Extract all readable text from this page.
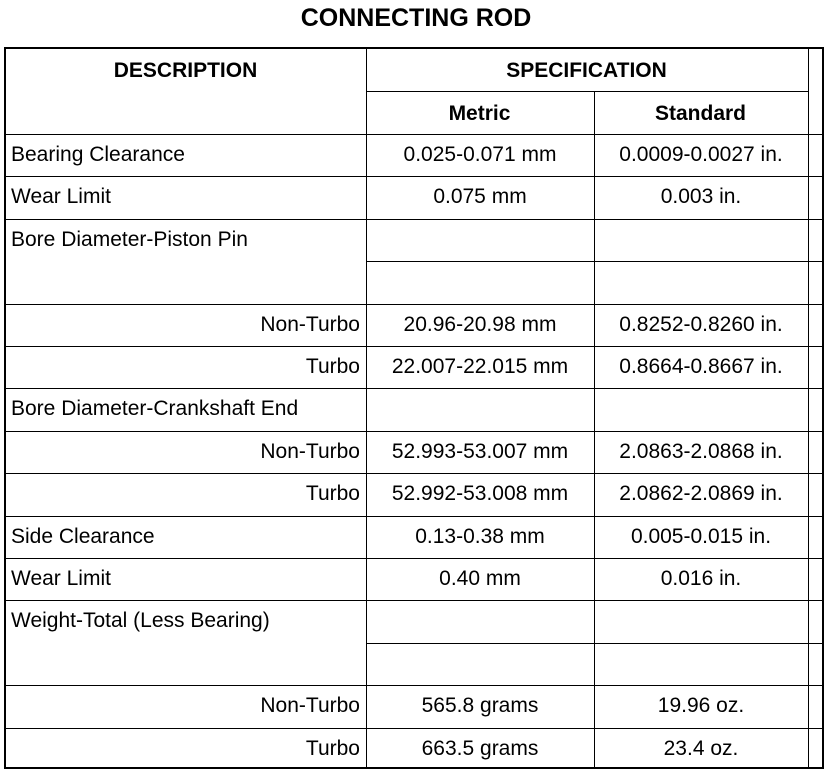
CONNECTING ROD
DESCRIPTION	SPECIFICATION
Metric	Standard
Bearing Clearance	0.025-0.071 mm	0.0009-0.0027 in.
Wear Limit	0.075 mm	0.003 in.
Bore Diameter-Piston Pin
Non-Turbo	20.96-20.98 mm	0.8252-0.8260 in.
Turbo	22.007-22.015 mm	0.8664-0.8667 in.
Bore Diameter-Crankshaft End
Non-Turbo	52.993-53.007 mm	2.0863-2.0868 in.
Turbo	52.992-53.008 mm	2.0862-2.0869 in.
Side Clearance	0.13-0.38 mm	0.005-0.015 in.
Wear Limit	0.40 mm	0.016 in.
Weight-Total (Less Bearing)
Non-Turbo	565.8 grams	19.96 oz.
Turbo	663.5 grams	23.4 oz.
